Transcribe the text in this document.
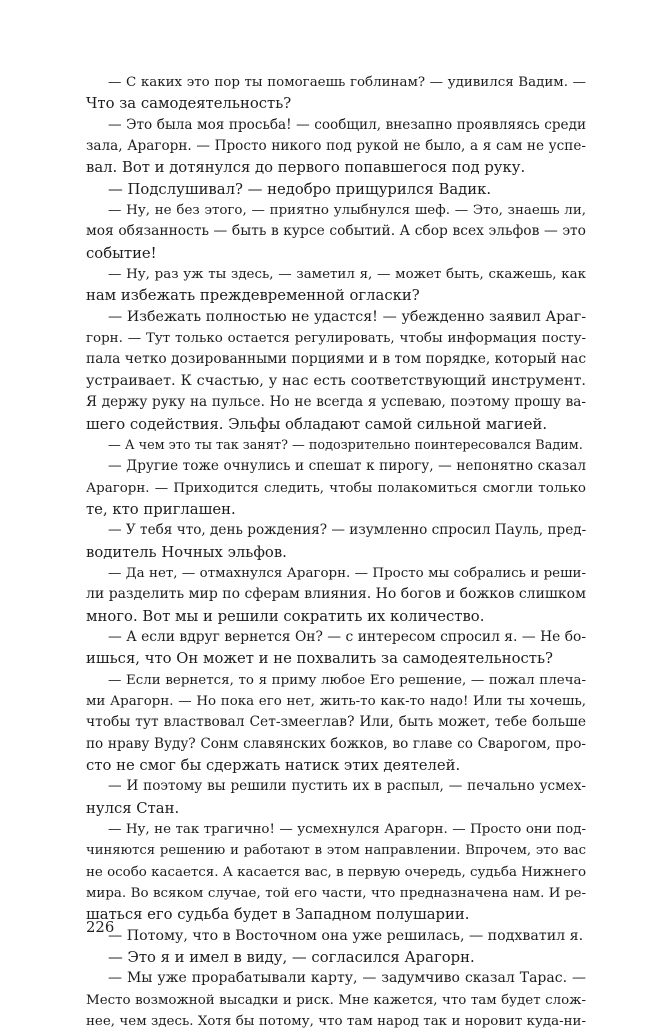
— С каких это пор ты помогаешь гоблинам? — удивился Вадим. —
Что за самодеятельность?
— Это была моя просьба! — сообщил, внезапно проявляясь среди
зала, Арагорн. — Просто никого под рукой не было, а я сам не успе-
вал. Вот и дотянулся до первого попавшегося под руку.
— Подслушивал? — недобро прищурился Вадик.
— Ну, не без этого, — приятно улыбнулся шеф. — Это, знаешь ли,
моя обязанность — быть в курсе событий. А сбор всех эльфов — это
событие!
— Ну, раз уж ты здесь, — заметил я, — может быть, скажешь, как
нам избежать преждевременной огласки?
— Избежать полностью не удастся! — убежденно заявил Араг-
горн. — Тут только остается регулировать, чтобы информация посту-
пала четко дозированными порциями и в том порядке, который нас
устраивает. К счастью, у нас есть соответствующий инструмент.
Я держу руку на пульсе. Но не всегда я успеваю, поэтому прошу ва-
шего содействия. Эльфы обладают самой сильной магией.
— А чем это ты так занят? — подозрительно поинтересовался Вадим.
— Другие тоже очнулись и спешат к пирогу, — непонятно сказал
Арагорн. — Приходится следить, чтобы полакомиться смогли только
те, кто приглашен.
— У тебя что, день рождения? — изумленно спросил Пауль, пред-
водитель Ночных эльфов.
— Да нет, — отмахнулся Арагорн. — Просто мы собрались и реши-
ли разделить мир по сферам влияния. Но богов и божков слишком
много. Вот мы и решили сократить их количество.
— А если вдруг вернется Он? — с интересом спросил я. — Не бо-
ишься, что Он может и не похвалить за самодеятельность?
— Если вернется, то я приму любое Его решение, — пожал плеча-
ми Арагорн. — Но пока его нет, жить-то как-то надо! Или ты хочешь,
чтобы тут властвовал Сет-змееглав? Или, быть может, тебе больше
по нраву Вуду? Сонм славянских божков, во главе со Сварогом, про-
сто не смог бы сдержать натиск этих деятелей.
— И поэтому вы решили пустить их в распыл, — печально усмех-
нулся Стан.
— Ну, не так трагично! — усмехнулся Арагорн. — Просто они под-
чиняются решению и работают в этом направлении. Впрочем, это вас
не особо касается. А касается вас, в первую очередь, судьба Нижнего
мира. Во всяком случае, той его части, что предназначена нам. И ре-
шаться его судьба будет в Западном полушарии.
— Потому, что в Восточном она уже решилась, — подхватил я.
— Это я и имел в виду, — согласился Арагорн.
— Мы уже прорабатывали карту, — задумчиво сказал Тарас. —
Место возможной высадки и риск. Мне кажется, что там будет слож-
нее, чем здесь. Хотя бы потому, что там народ так и норовит куда-ни-
226
